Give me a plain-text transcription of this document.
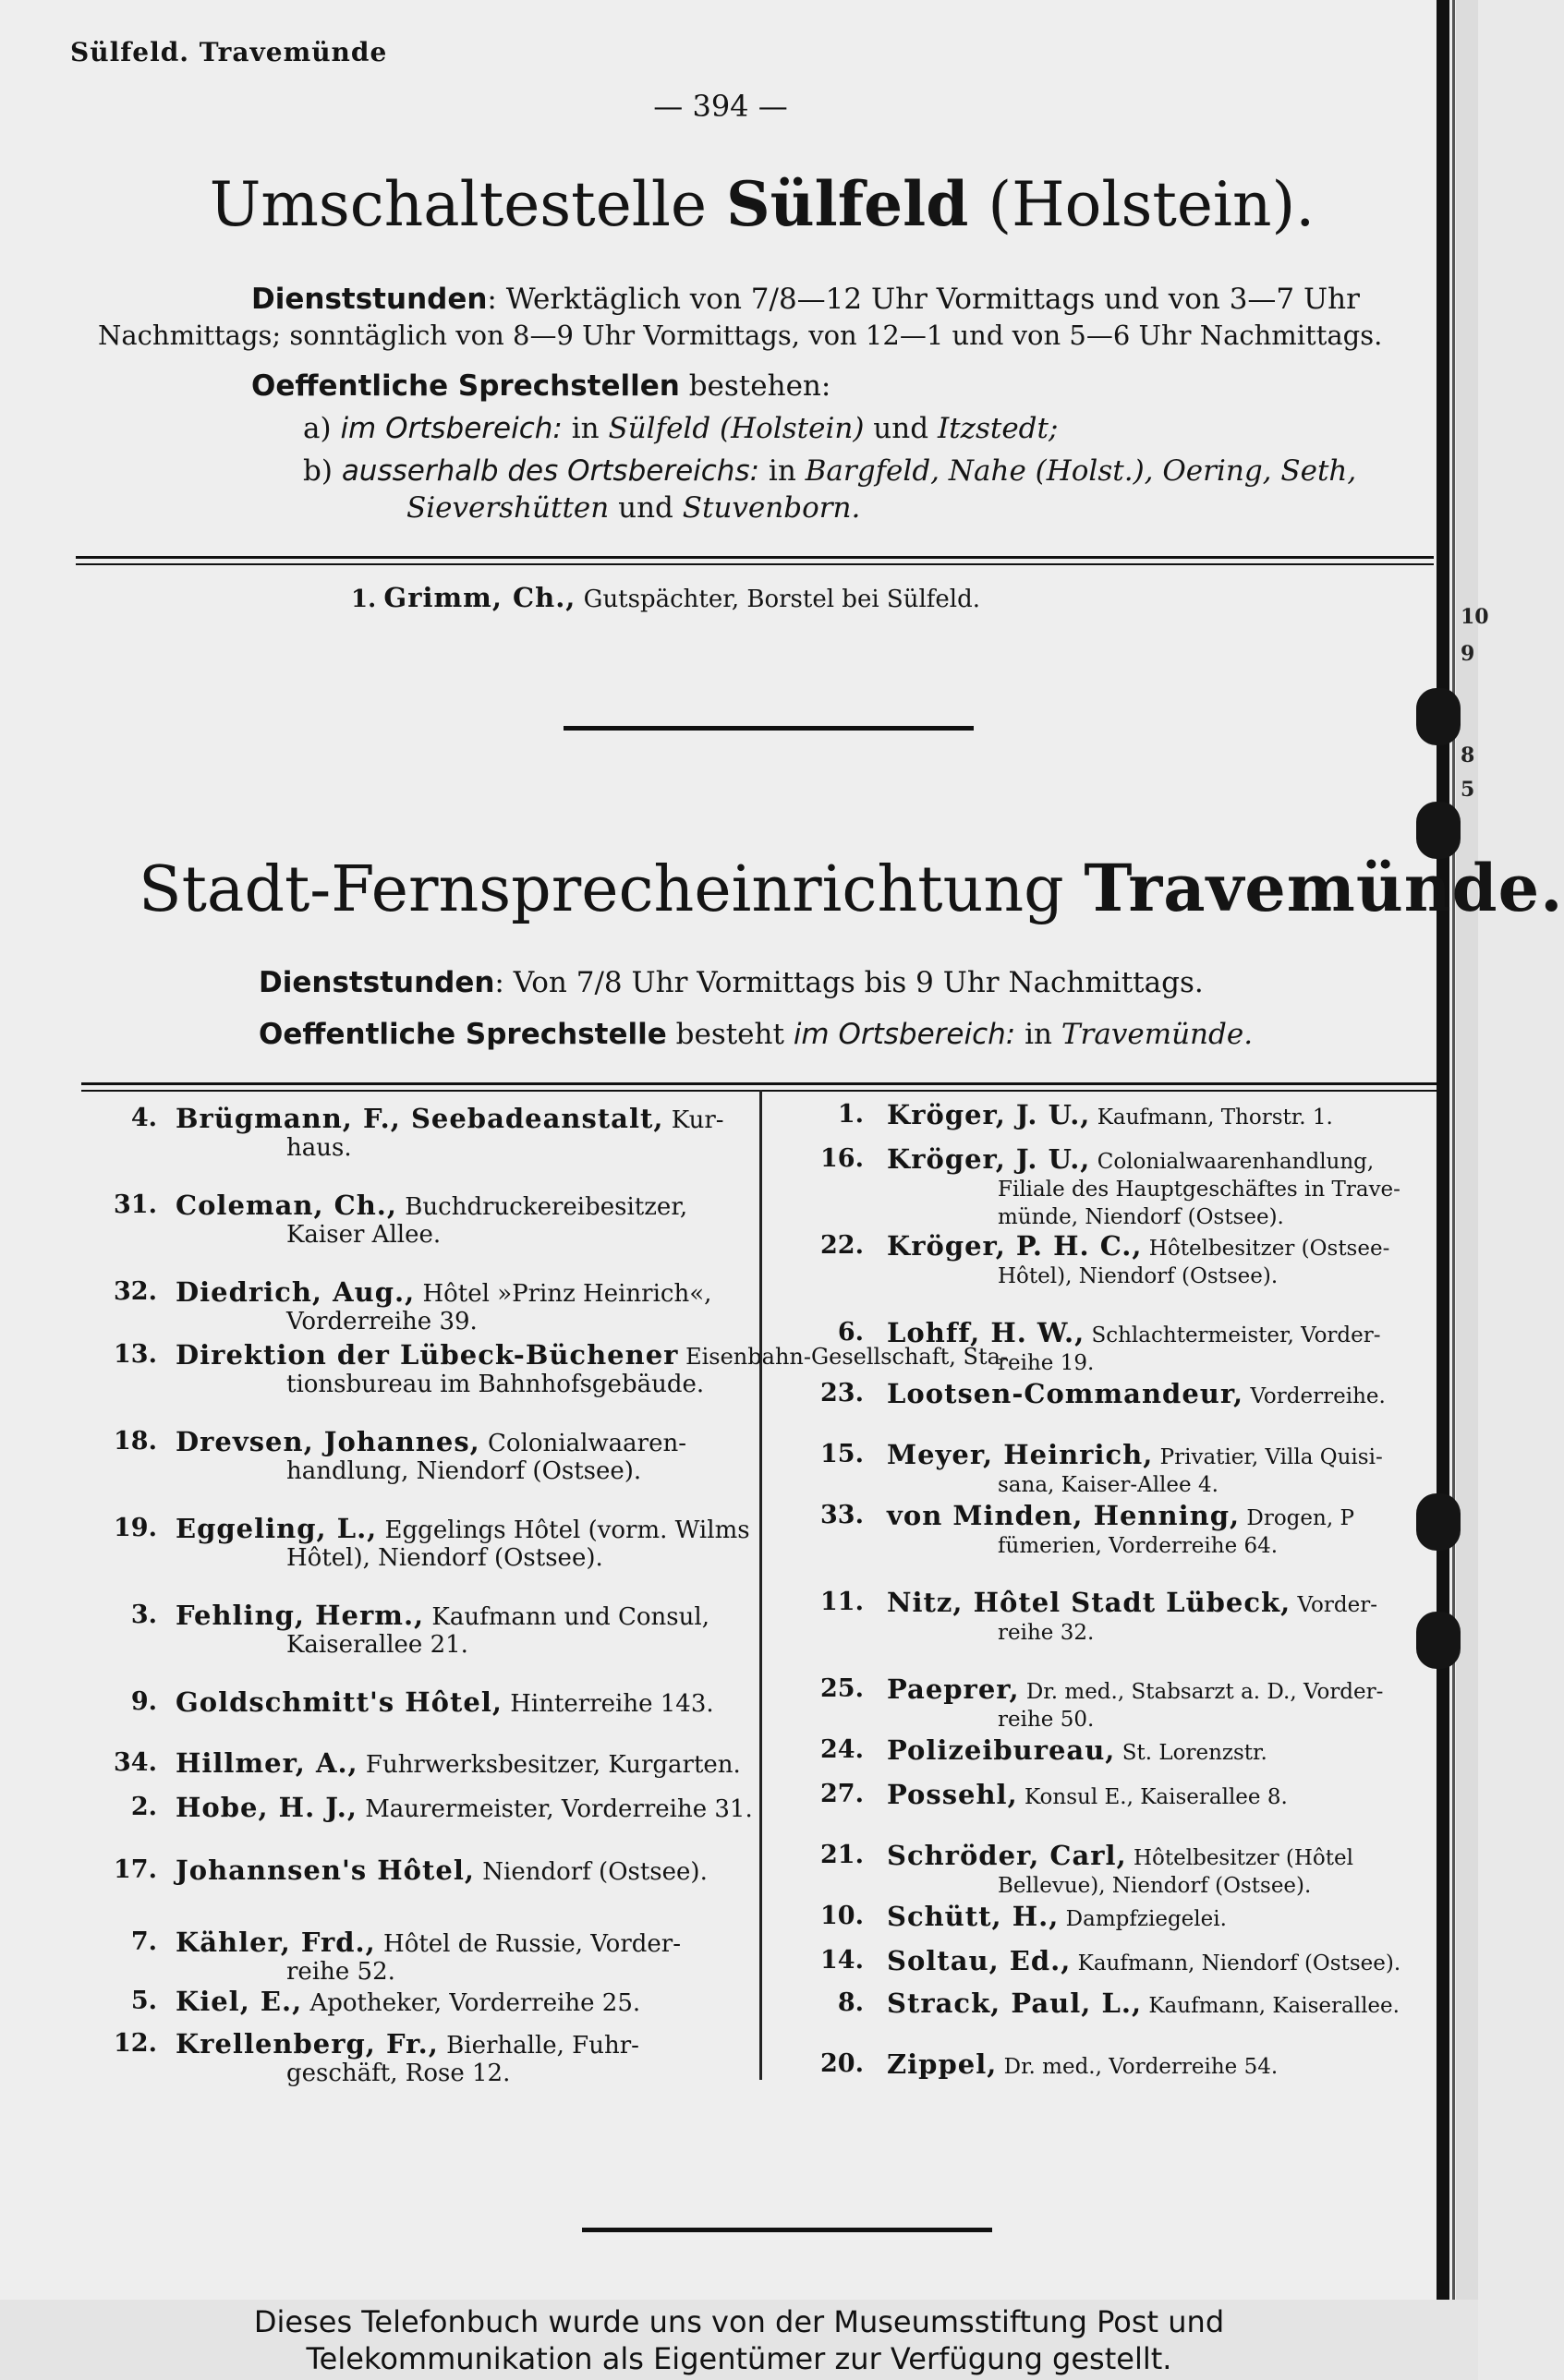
10
9
8
5
Sülfeld. Travemünde
— 394 —
Umschaltestelle Sülfeld (Holstein).
Dienststunden: Werktäglich von 7/8—12 Uhr Vormittags und von 3—7 Uhr
Nachmittags; sonntäglich von 8—9 Uhr Vormittags, von 12—1 und von 5—6 Uhr Nachmittags.
Oeffentliche Sprechstellen bestehen:
a) im Ortsbereich: in Sülfeld (Holstein) und Itzstedt;
b) ausserhalb des Ortsbereichs: in Bargfeld, Nahe (Holst.), Oering, Seth,
Sievershütten und Stuvenborn.
1. Grimm, Ch., Gutspächter, Borstel bei Sülfeld.
Stadt-Fernsprecheinrichtung Travemünde.
Dienststunden: Von 7/8 Uhr Vormittags bis 9 Uhr Nachmittags.
Oeffentliche Sprechstelle besteht im Ortsbereich: in Travemünde.
4. Brügmann, F., Seebadeanstalt, Kur-
haus.
31. Coleman, Ch., Buchdruckereibesitzer,
Kaiser Allee.
32. Diedrich, Aug., Hôtel »Prinz Heinrich«,
Vorderreihe 39.
13. Direktion der Lübeck-Büchener Eisenbahn-Gesellschaft, Sta-
tionsbureau im Bahnhofsgebäude.
18. Drevsen, Johannes, Colonialwaaren-
handlung, Niendorf (Ostsee).
19. Eggeling, L., Eggelings Hôtel (vorm. Wilms
Hôtel), Niendorf (Ostsee).
3. Fehling, Herm., Kaufmann und Consul,
Kaiserallee 21.
9. Goldschmitt's Hôtel, Hinterreihe 143.
34. Hillmer, A., Fuhrwerksbesitzer, Kurgarten.
2. Hobe, H. J., Maurermeister, Vorderreihe 31.
17. Johannsen's Hôtel, Niendorf (Ostsee).
7. Kähler, Frd., Hôtel de Russie, Vorder-
reihe 52.
5. Kiel, E., Apotheker, Vorderreihe 25.
12. Krellenberg, Fr., Bierhalle, Fuhr-
geschäft, Rose 12.
1. Kröger, J. U., Kaufmann, Thorstr. 1.
16. Kröger, J. U., Colonialwaarenhandlung,
Filiale des Hauptgeschäftes in Trave-
münde, Niendorf (Ostsee).
22. Kröger, P. H. C., Hôtelbesitzer (Ostsee-
Hôtel), Niendorf (Ostsee).
6. Lohff, H. W., Schlachtermeister, Vorder-
reihe 19.
23. Lootsen-Commandeur, Vorderreihe.
15. Meyer, Heinrich, Privatier, Villa Quisi-
sana, Kaiser-Allee 4.
33. von Minden, Henning, Drogen, P
fümerien, Vorderreihe 64.
11. Nitz, Hôtel Stadt Lübeck, Vorder-
reihe 32.
25. Paeprer, Dr. med., Stabsarzt a. D., Vorder-
reihe 50.
24. Polizeibureau, St. Lorenzstr.
27. Possehl, Konsul E., Kaiserallee 8.
21. Schröder, Carl, Hôtelbesitzer (Hôtel
Bellevue), Niendorf (Ostsee).
10. Schütt, H., Dampfziegelei.
14. Soltau, Ed., Kaufmann, Niendorf (Ostsee).
8. Strack, Paul, L., Kaufmann, Kaiserallee.
20. Zippel, Dr. med., Vorderreihe 54.
Dieses Telefonbuch wurde uns von der Museumsstiftung Post und
Telekommunikation als Eigentümer zur Verfügung gestellt.
